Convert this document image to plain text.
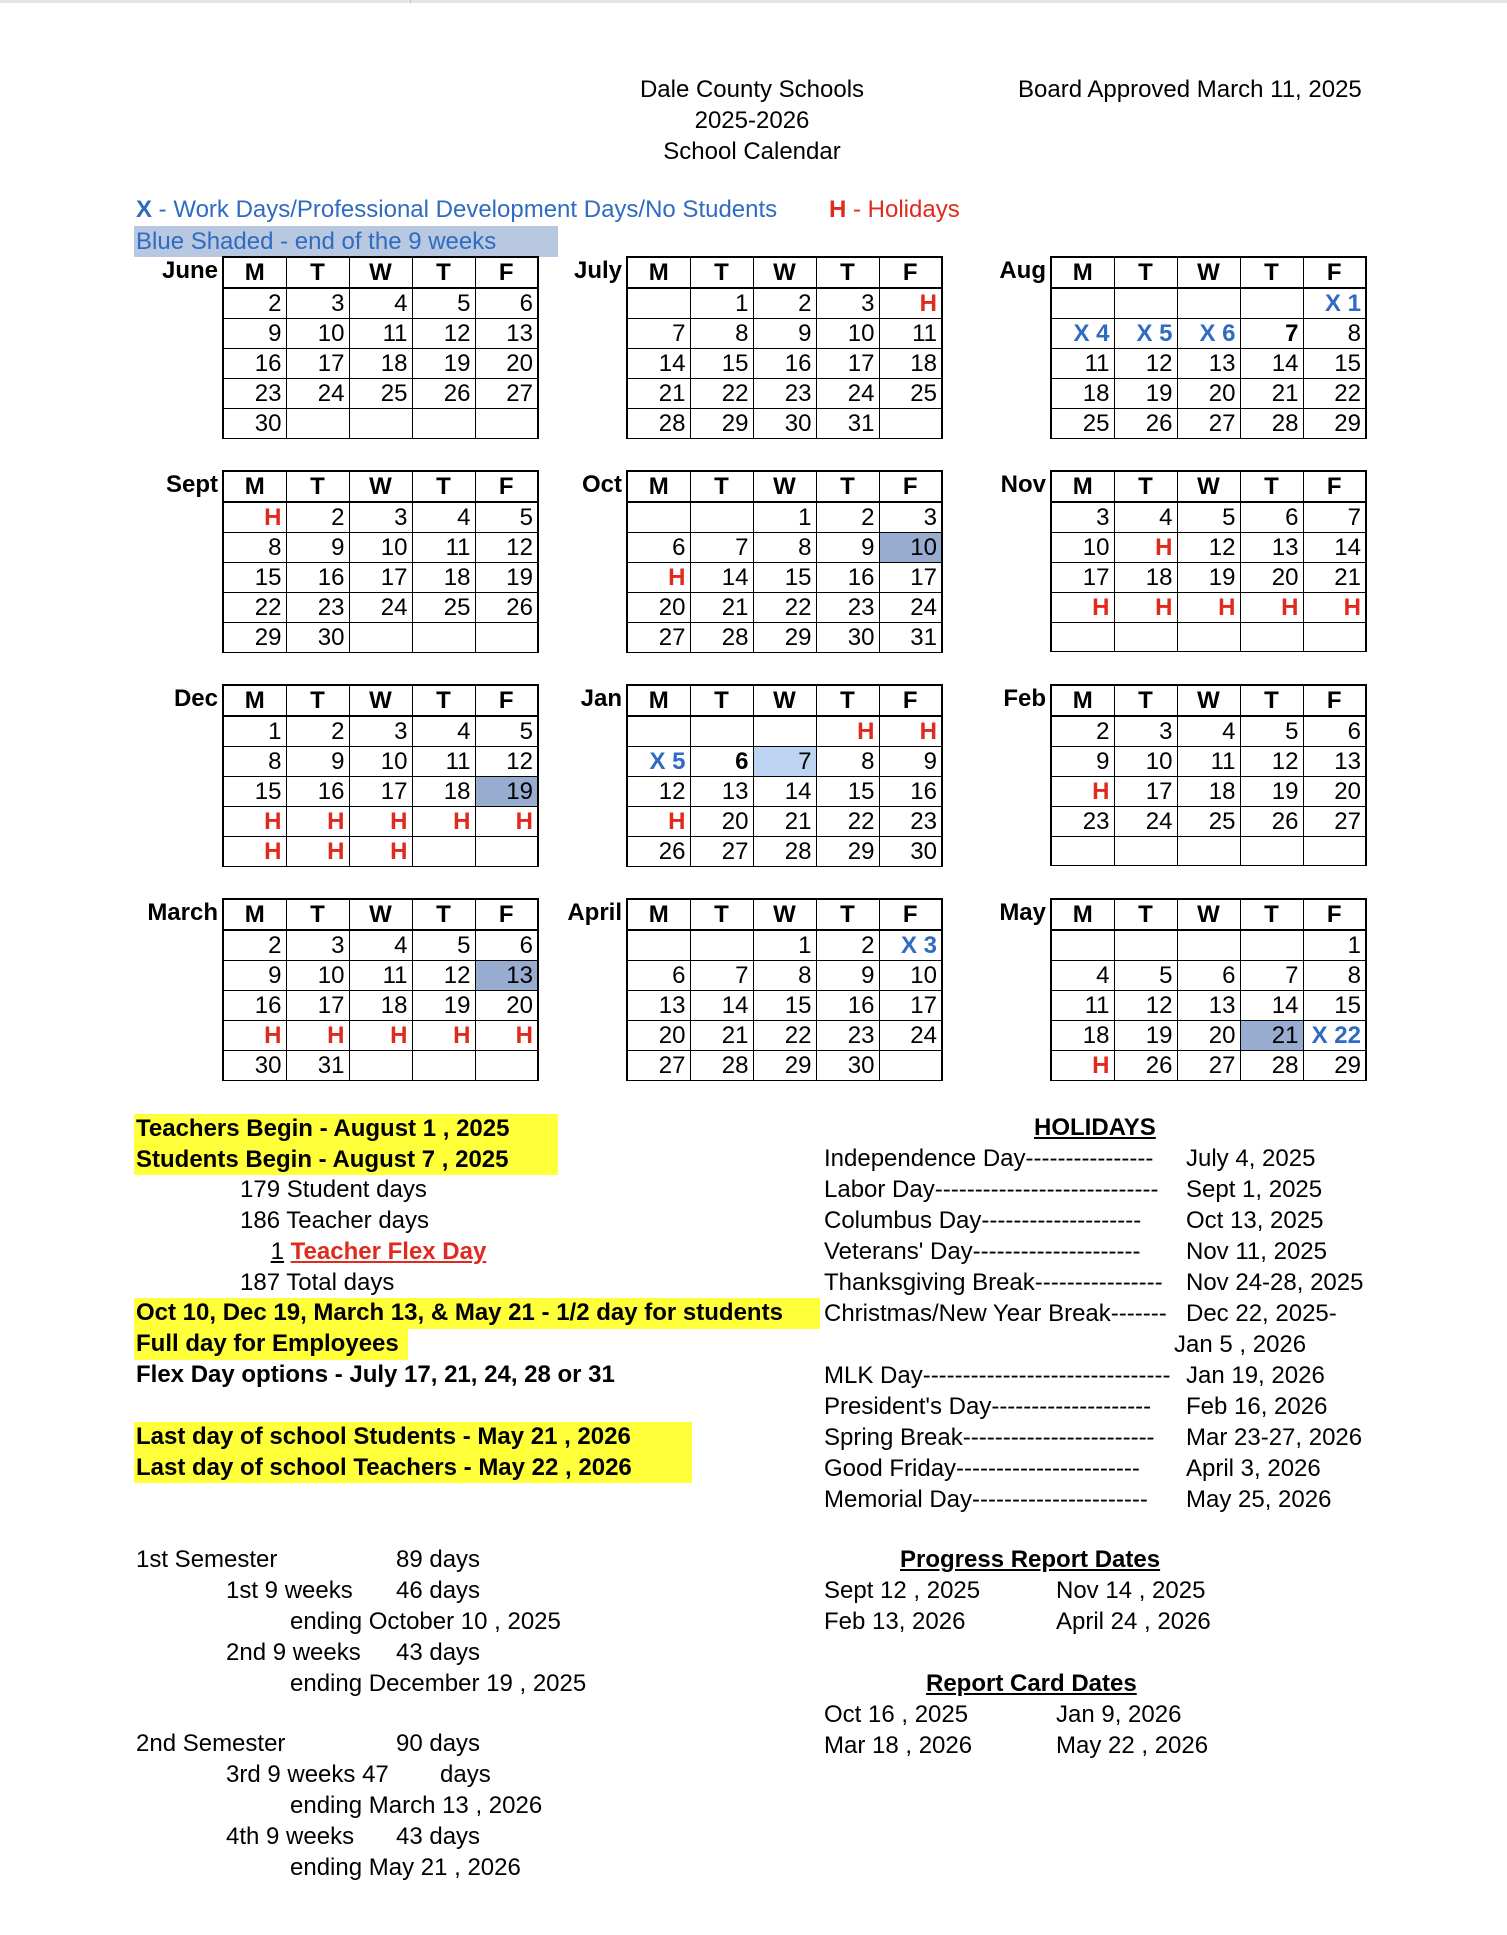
Dale County Schools
2025-2026
School Calendar
Board Approved March 11, 2025
X - Work Days/Professional Development Days/No Students H - Holidays
Blue Shaded - end of the 9 weeks
June M	T	W	T	F
2	3	4	5	6
9	10	11	12	13
16	17	18	19	20
23	24	25	26	27
30				
July M	T	W	T	F
	1	2	3	H
7	8	9	10	11
14	15	16	17	18
21	22	23	24	25
28	29	30	31	
Aug M	T	W	T	F
				X 1
X 4	X 5	X 6	7	8
11	12	13	14	15
18	19	20	21	22
25	26	27	28	29
Sept M	T	W	T	F
H	2	3	4	5
8	9	10	11	12
15	16	17	18	19
22	23	24	25	26
29	30			
Oct M	T	W	T	F
		1	2	3
6	7	8	9	10
H	14	15	16	17
20	21	22	23	24
27	28	29	30	31
Nov M	T	W	T	F
3	4	5	6	7
10	H	12	13	14
17	18	19	20	21
H	H	H	H	H

Dec M	T	W	T	F
1	2	3	4	5
8	9	10	11	12
15	16	17	18	19
H	H	H	H	H
H	H	H		
Jan M	T	W	T	F
			H	H
X 5	6	7	8	9
12	13	14	15	16
H	20	21	22	23
26	27	28	29	30
Feb M	T	W	T	F
2	3	4	5	6
9	10	11	12	13
H	17	18	19	20
23	24	25	26	27

March M	T	W	T	F
2	3	4	5	6
9	10	11	12	13
16	17	18	19	20
H	H	H	H	H
30	31			
April M	T	W	T	F
		1	2	X 3
6	7	8	9	10
13	14	15	16	17
20	21	22	23	24
27	28	29	30	
May M	T	W	T	F
				1
4	5	6	7	8
11	12	13	14	15
18	19	20	21	X 22
H	26	27	28	29
Teachers Begin - August 1 , 2025
Students Begin - August 7 , 2025
179 Student days
186 Teacher days
1 Teacher Flex Day
187 Total days
Oct 10, Dec 19, March 13, & May 21 - 1/2 day for students
Full day for Employees
Flex Day options - July 17, 21, 24, 28 or 31
Last day of school Students - May 21 , 2026
Last day of school Teachers - May 22 , 2026
HOLIDAYS
Independence Day---------------- July 4, 2025
Labor Day---------------------------- Sept 1, 2025
Columbus Day-------------------- Oct 13, 2025
Veterans' Day--------------------- Nov 11, 2025
Thanksgiving Break---------------- Nov 24-28, 2025
Christmas/New Year Break------- Dec 22, 2025-
Jan 5 , 2026
MLK Day------------------------------- Jan 19, 2026
President's Day-------------------- Feb 16, 2026
Spring Break------------------------ Mar 23-27, 2026
Good Friday----------------------- April 3, 2026
Memorial Day---------------------- May 25, 2026
1st Semester	89 days
1st 9 weeks 46 days
ending October 10 , 2025
2nd 9 weeks 43 days
ending December 19 , 2025
2nd Semester	90 days
3rd 9 weeks 47 days
ending March 13 , 2026
4th 9 weeks 43 days
ending May 21 , 2026
Progress Report Dates
Sept 12 , 2025	Nov 14 , 2025
Feb 13, 2026	April 24 , 2026
Report Card Dates
Oct 16 , 2025	Jan 9, 2026
Mar 18 , 2026	May 22 , 2026
